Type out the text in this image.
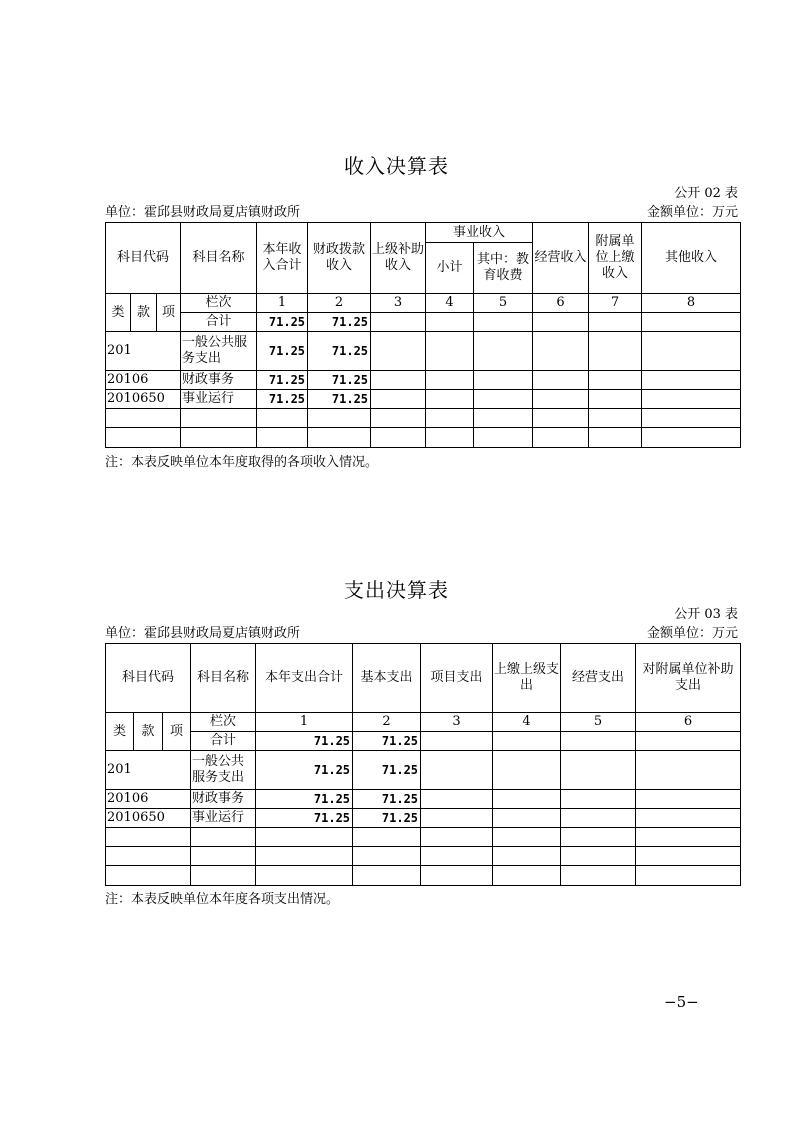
收入决算表
公开 02 表
单位：霍邱县财政局夏店镇财政所	金额单位：万元
科目代码			科目名称	本年收入合计	财政拨款收入	上级补助收入	事业收入		经营收入	附属单位上缴收入	其他收入
							小计	其中：教育收费			
类	款	项	栏次	1	2	3	4	5	6	7	8
			合计	71.25	71.25						
201			一般公共服务支出	71.25	71.25						
20106			财政事务	71.25	71.25						
2010650			事业运行	71.25	71.25						

注：本表反映单位本年度取得的各项收入情况。
支出决算表
公开 03 表
单位：霍邱县财政局夏店镇财政所	金额单位：万元
科目代码			科目名称	本年支出合计	基本支出	项目支出	上缴上级支出	经营支出	对附属单位补助支出
类	款	项	栏次	1	2	3	4	5	6
			合计	71.25	71.25				
201			一般公共服务支出	71.25	71.25				
20106			财政事务	71.25	71.25				
2010650			事业运行	71.25	71.25				

注：本表反映单位本年度各项支出情况。
−5−
